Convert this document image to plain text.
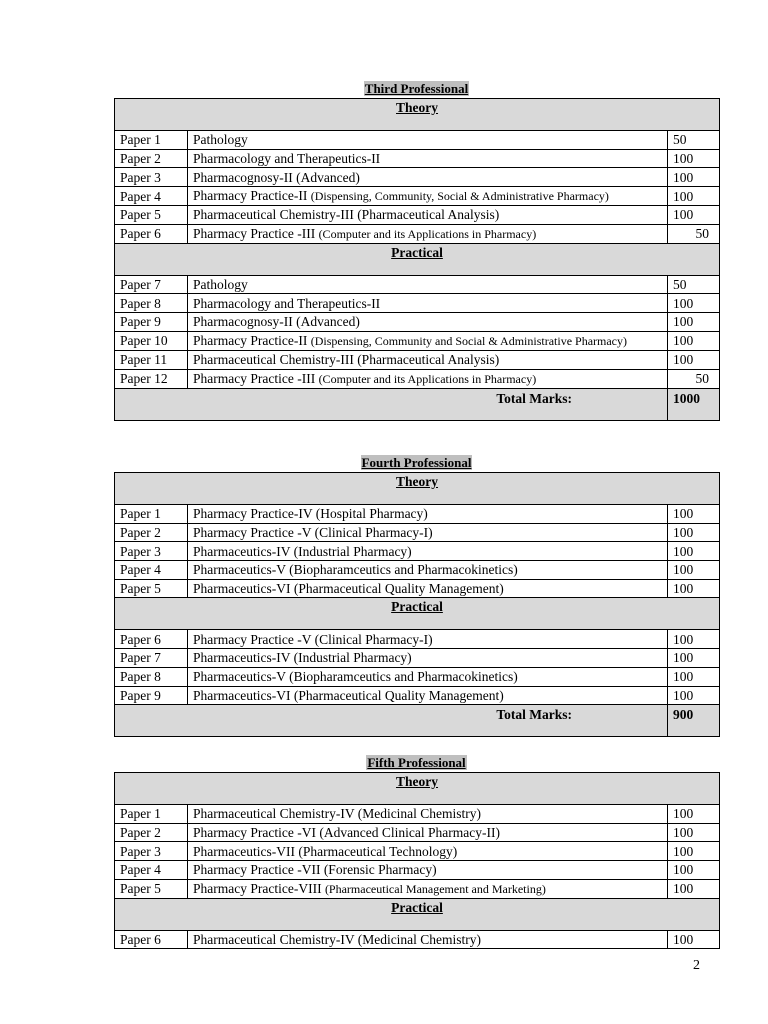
Third Professional
Theory		
Paper 1	Pathology	50
Paper 2	Pharmacology and Therapeutics-II	100
Paper 3	Pharmacognosy-II (Advanced)	100
Paper 4	Pharmacy Practice-II (Dispensing, Community, Social & Administrative Pharmacy)	100
Paper 5	Pharmaceutical Chemistry-III (Pharmaceutical Analysis)	100
Paper 6	Pharmacy Practice -III (Computer and its Applications in Pharmacy)	50
Practical		
Paper 7	Pathology	50
Paper 8	Pharmacology and Therapeutics-II	100
Paper 9	Pharmacognosy-II (Advanced)	100
Paper 10	Pharmacy Practice-II (Dispensing, Community and Social & Administrative Pharmacy)	100
Paper 11	Pharmaceutical Chemistry-III (Pharmaceutical Analysis)	100
Paper 12	Pharmacy Practice -III (Computer and its Applications in Pharmacy)	50
Total Marks:		1000
Fourth Professional
Theory		
Paper 1	Pharmacy Practice-IV (Hospital Pharmacy)	100
Paper 2	Pharmacy Practice -V (Clinical Pharmacy-I)	100
Paper 3	Pharmaceutics-IV (Industrial Pharmacy)	100
Paper 4	Pharmaceutics-V (Biopharamceutics and Pharmacokinetics)	100
Paper 5	Pharmaceutics-VI (Pharmaceutical Quality Management)	100
Practical		
Paper 6	Pharmacy Practice -V (Clinical Pharmacy-I)	100
Paper 7	Pharmaceutics-IV (Industrial Pharmacy)	100
Paper 8	Pharmaceutics-V (Biopharamceutics and Pharmacokinetics)	100
Paper 9	Pharmaceutics-VI (Pharmaceutical Quality Management)	100
Total Marks:		900
Fifth Professional
Theory		
Paper 1	Pharmaceutical Chemistry-IV (Medicinal Chemistry)	100
Paper 2	Pharmacy Practice -VI (Advanced Clinical Pharmacy-II)	100
Paper 3	Pharmaceutics-VII (Pharmaceutical Technology)	100
Paper 4	Pharmacy Practice -VII (Forensic Pharmacy)	100
Paper 5	Pharmacy Practice-VIII (Pharmaceutical Management and Marketing)	100
Practical		
Paper 6	Pharmaceutical Chemistry-IV (Medicinal Chemistry)	100
2
